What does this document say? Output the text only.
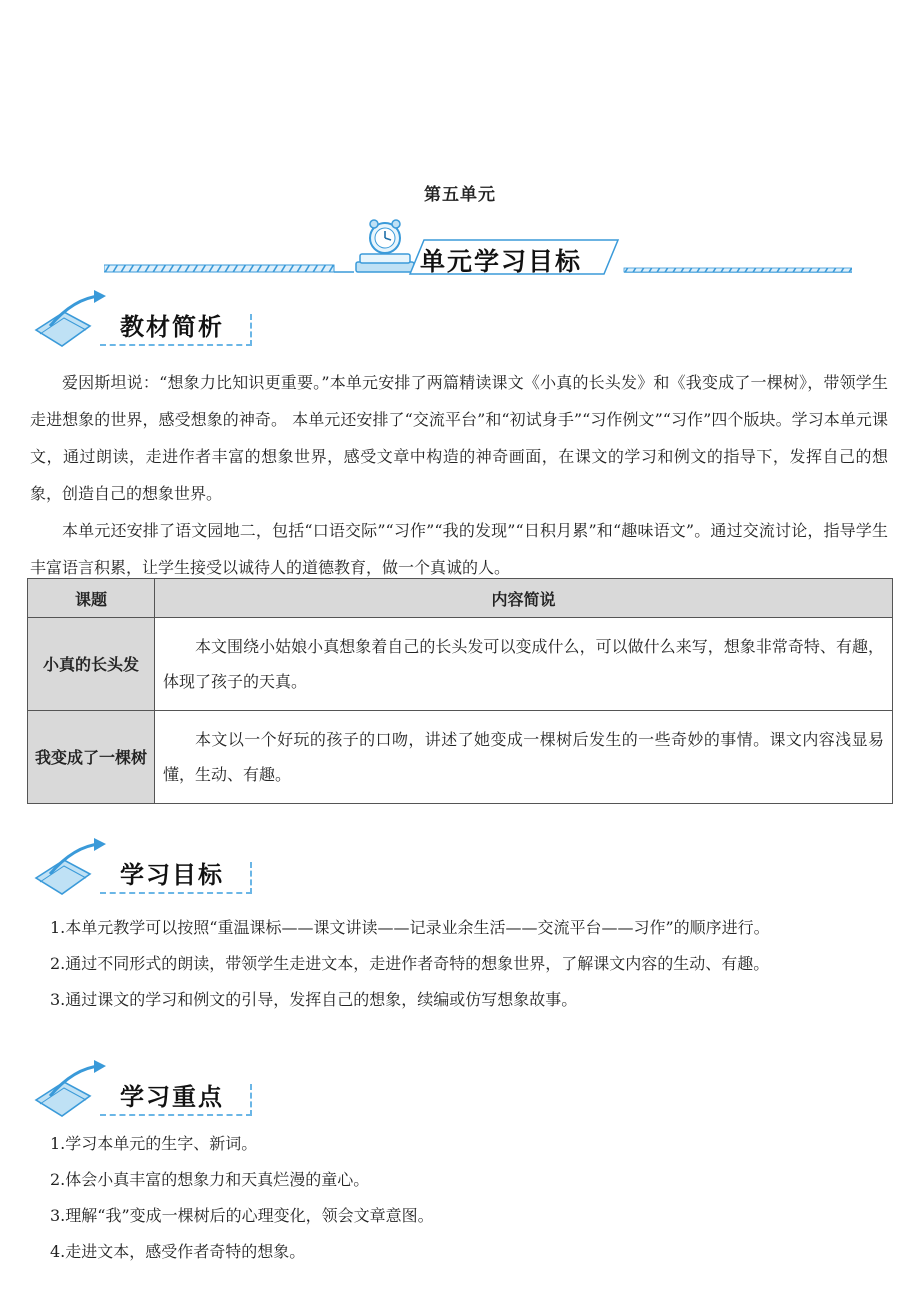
第五单元
单元学习目标
教材简析

爱因斯坦说：“想象力比知识更重要。”本单元安排了两篇精读课文《小真的长头发》和《我变成了一棵树》，带领学生走进想象的世界，感受想象的神奇。 本单元还安排了“交流平台”和“初试身手”“习作例文”“习作”四个版块。学习本单元课文，通过朗读，走进作者丰富的想象世界，感受文章中构造的神奇画面，在课文的学习和例文的指导下，发挥自己的想象，创造自己的想象世界。

本单元还安排了语文园地二，包括“口语交际”“习作”“我的发现”“日积月累”和“趣味语文”。通过交流讨论，指导学生丰富语言积累，让学生接受以诚待人的道德教育，做一个真诚的人。

课题	内容简说
小真的长头发	本文围绕小姑娘小真想象着自己的长头发可以变成什么，可以做什么来写，想象非常奇特、有趣，体现了孩子的天真。
我变成了一棵树	本文以一个好玩的孩子的口吻，讲述了她变成一棵树后发生的一些奇妙的事情。课文内容浅显易懂，生动、有趣。
学习目标
1.本单元教学可以按照“重温课标——课文讲读——记录业余生活——交流平台——习作”的顺序进行。
2.通过不同形式的朗读，带领学生走进文本，走进作者奇特的想象世界，了解课文内容的生动、有趣。
3.通过课文的学习和例文的引导，发挥自己的想象，续编或仿写想象故事。
学习重点
1.学习本单元的生字、新词。
2.体会小真丰富的想象力和天真烂漫的童心。
3.理解“我”变成一棵树后的心理变化，领会文章意图。
4.走进文本，感受作者奇特的想象。
